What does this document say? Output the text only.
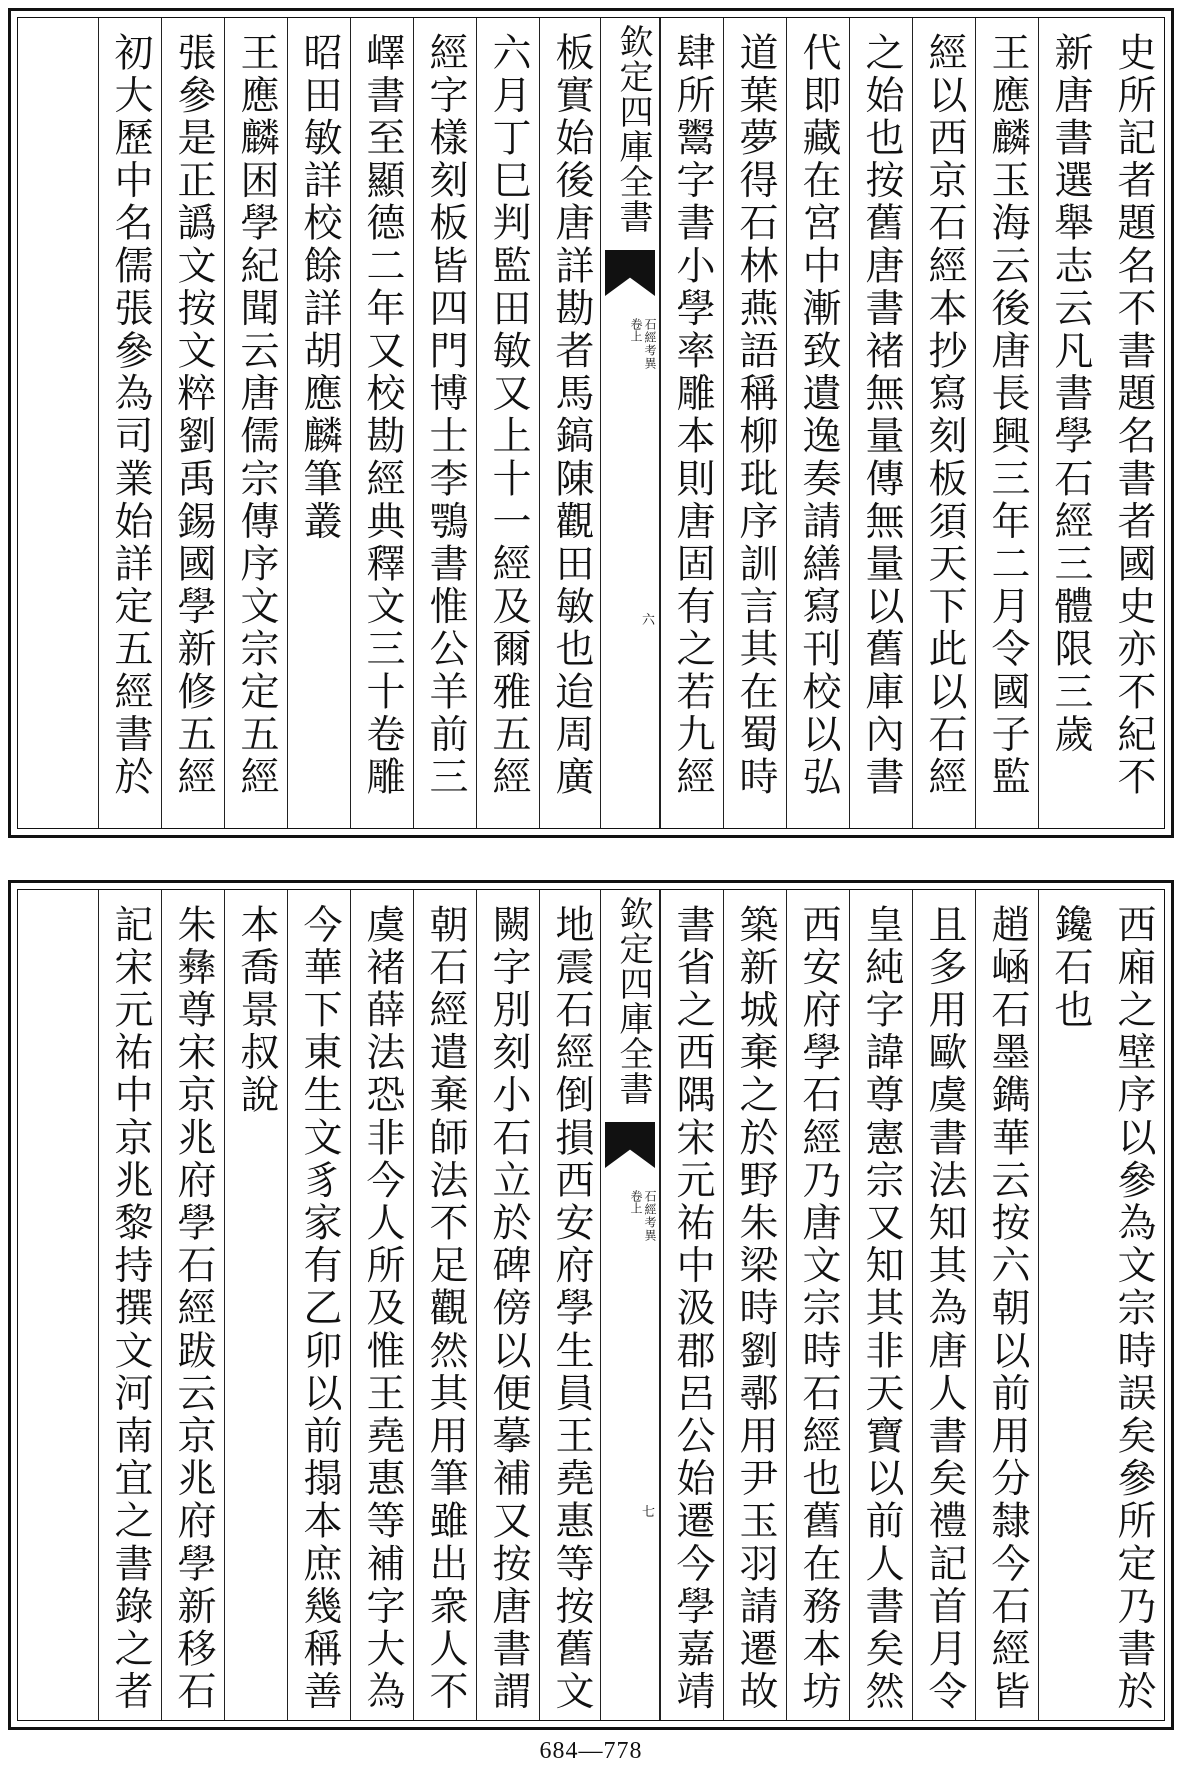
史所記者題名不書題名書者國史亦不紀不
新唐書選舉志云凡書學石經三體限三歲
王應麟玉海云後唐長興三年二月令國子監
經以西京石經本抄寫刻板須天下此以石經
之始也按舊唐書褚無量傳無量以舊庫內書
代即藏在宮中漸致遺逸奏請繕寫刊校以弘
道葉夢得石林燕語稱柳玭序訓言其在蜀時
肆所鬻字書小學率雕本則唐固有之若九經
欽定四庫全書
石經考異
卷上
六
板實始後唐詳勘者馬鎬陳觀田敏也迨周廣
六月丁巳判監田敏又上十一經及爾雅五經
經字樣刻板皆四門博士李鶚書惟公羊前三
嶧書至顯德二年又校勘經典釋文三十卷雕
昭田敏詳校餘詳胡應麟筆叢
王應麟困學紀聞云唐儒宗傳序文宗定五經
張參是正譌文按文粹劉禹錫國學新修五經
初大歷中名儒張參為司業始詳定五經書於
西廂之壁序以參為文宗時誤矣參所定乃書於
鑱石也
趙崡石墨鐫華云按六朝以前用分隸今石經皆
且多用歐虞書法知其為唐人書矣禮記首月令
皇純字諱尊憲宗又知其非天寶以前人書矣然
西安府學石經乃唐文宗時石經也舊在務本坊
築新城棄之於野朱梁時劉鄩用尹玉羽請遷故
書省之西隅宋元祐中汲郡呂公始遷今學嘉靖
欽定四庫全書
石經考異
卷上
七
地震石經倒損西安府學生員王堯惠等按舊文
闕字別刻小石立於碑傍以便摹補又按唐書謂
朝石經遣棄師法不足觀然其用筆雖出衆人不
虞褚薛法恐非今人所及惟王堯惠等補字大為
今華下東生文豸家有乙卯以前搨本庶幾稱善
本喬景叔說
朱彝尊宋京兆府學石經跋云京兆府學新移石
記宋元祐中京兆黎持撰文河南宜之書錄之者
684—778
